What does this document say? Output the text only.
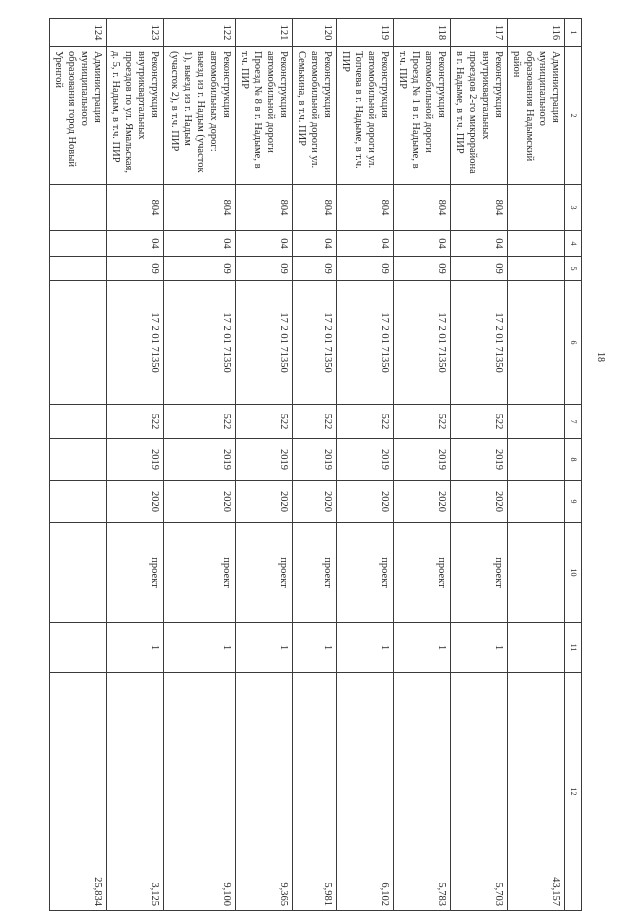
18
1	2	3	4	5	6	7	8	9	10	11	12
116	Администрация муниципального образования Надымский район										43,157
117	Реконструкция внутриквартальных проездов 2-го микрорайона в г. Надыме, в т.ч. ПИР	804	04	09	17 2 01 71350	522	2019	2020	проект	1	5,703
118	Реконструкция автомобильной дороги Проезд № 1 в г. Надыме, в т.ч. ПИР	804	04	09	17 2 01 71350	522	2019	2020	проект	1	5,783
119	Реконструкция автомобильной дороги ул. Топчева в г. Надыме, в т.ч. ПИР	804	04	09	17 2 01 71350	522	2019	2020	проект	1	6,102
120	Реконструкция автомобильной дороги ул. Семькина, в т.ч. ПИР	804	04	09	17 2 01 71350	522	2019	2020	проект	1	5,981
121	Реконструкция автомобильной дороги Проезд № 8 в г. Надыме, в т.ч. ПИР	804	04	09	17 2 01 71350	522	2019	2020	проект	1	9,365
122	Реконструкция автомобильных дорог: выезд из г. Надым (участок 1), выезд из г. Надым (участок 2), в т.ч. ПИР	804	04	09	17 2 01 71350	522	2019	2020	проект	1	9,100
123	Реконструкция внутриквартальных проездов по ул. Ямальская, д. 5, г. Надым, в т.ч. ПИР	804	04	09	17 2 01 71350	522	2019	2020	проект	1	3,125
124	Администрация муниципального образования город Новый Уренгой										25,834
